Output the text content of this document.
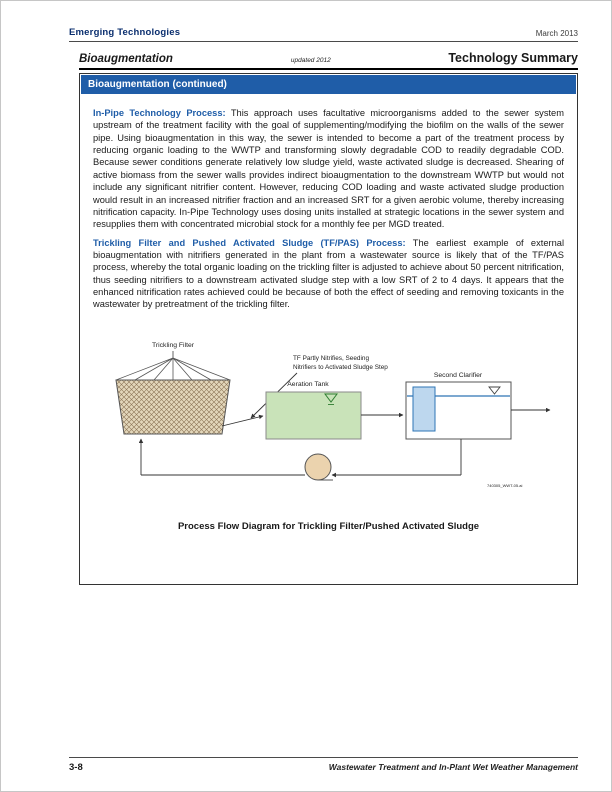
Emerging Technologies	March 2013
Bioaugmentation	updated 2012	Technology Summary
Bioaugmentation (continued)

In-Pipe Technology Process: This approach uses facultative microorganisms added to the sewer system upstream of the treatment facility with the goal of supplementing/modifying the biofilm on the walls of the sewer pipe. Using bioaugmentation in this way, the sewer is intended to become a part of the treatment process by reducing organic loading to the WWTP and transforming slowly degradable COD to readily degradable COD. Because sewer conditions generate relatively low sludge yield, waste activated sludge is decreased. Shearing of active biomass from the sewer walls provides indirect bioaugmentation to the downstream WWTP but would not include any significant nitrifier content. However, reducing COD loading and waste activated sludge production would result in an increased nitrifier fraction and an increased SRT for a given aerobic volume, thereby increasing nitrification capacity. In-Pipe Technology uses dosing units installed at strategic locations in the sewer system and resupplies them with concentrated microbial stock for a monthly fee per MGD treated.

Trickling Filter and Pushed Activated Sludge (TF/PAS) Process: The earliest example of external bioaugmentation with nitrifiers generated in the plant from a wastewater source is likely that of the TF/PAS process, whereby the total organic loading on the trickling filter is adjusted to achieve about 50 percent nitrification, thus seeding nitrifiers to a downstream activated sludge step with a low SRT of 2 to 4 days. It appears that the enhanced nitrification rates achieved could be because of both the effect of seeding and removing toxicants in the wastewater by pretreatment of the trickling filter.

Trickling Filter
TF Partly Nitrifies, Seeding
Nitrifiers to Activated Sludge Step
Aeration Tank
Second Clarifier
740305_WWT-05.ai
Process Flow Diagram for Trickling Filter/Pushed Activated Sludge
3-8	Wastewater Treatment and In-Plant Wet Weather Management
